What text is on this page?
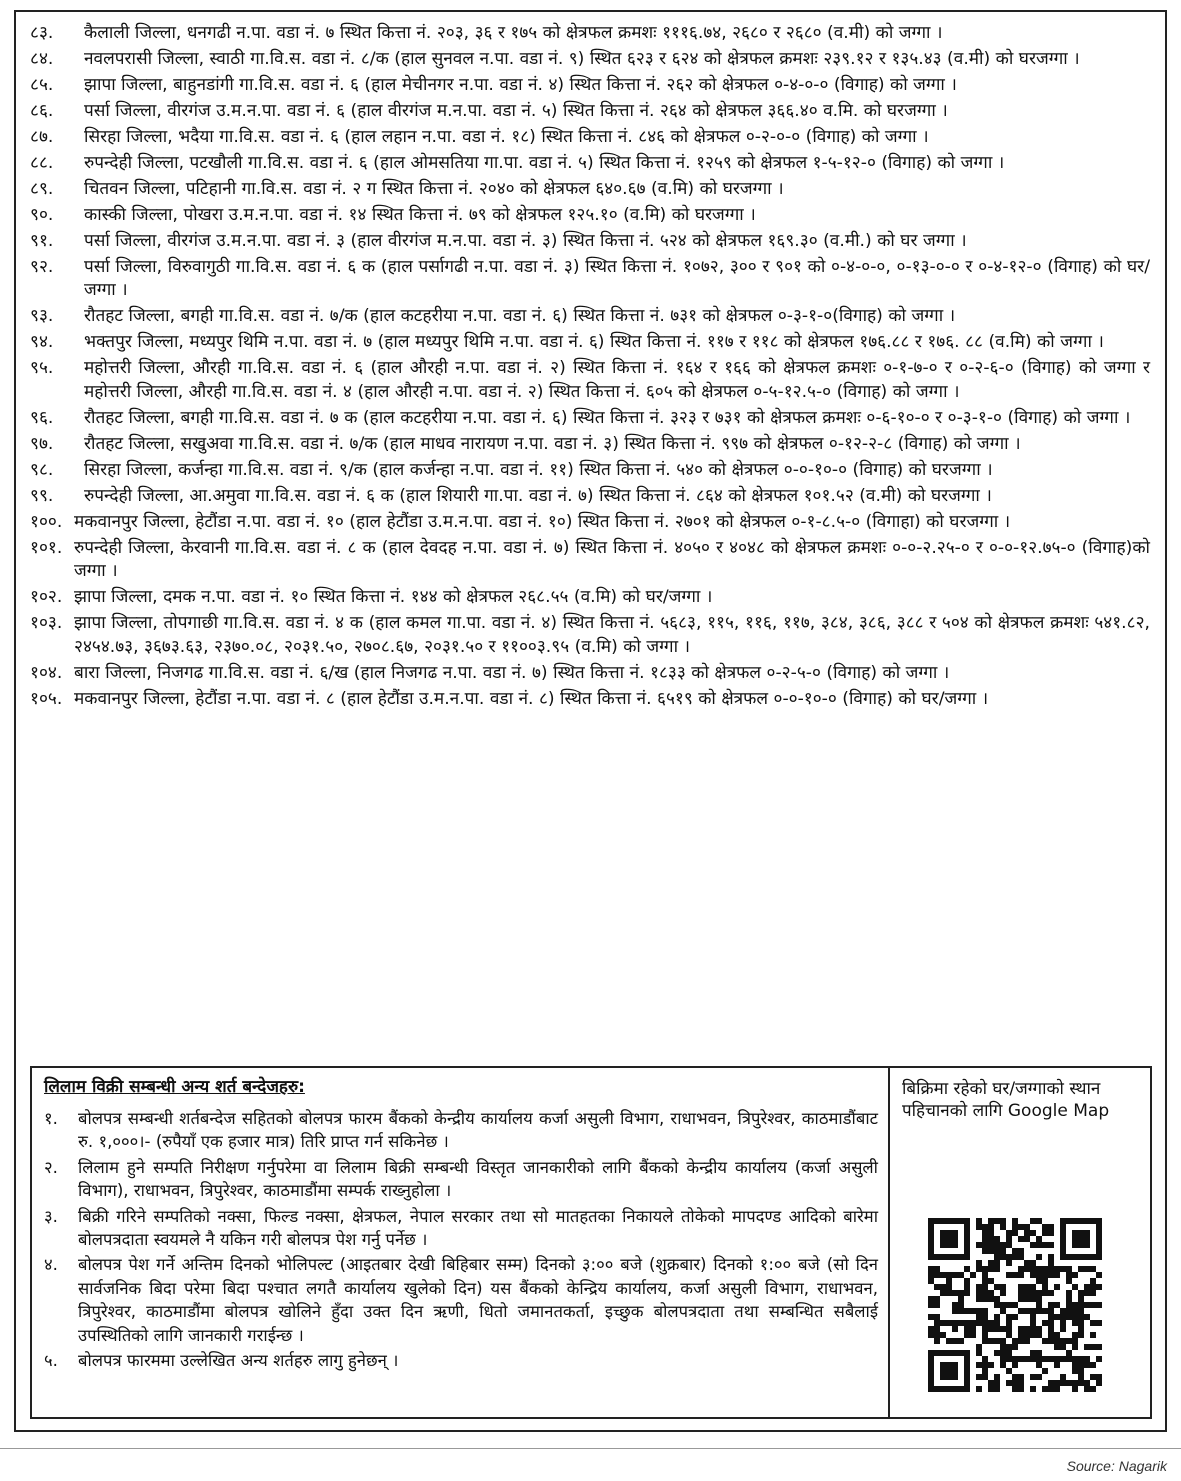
८३.	कैलाली जिल्ला, धनगढी न.पा. वडा नं. ७ स्थित कित्ता नं. २०३, ३६ र १७५ को क्षेत्रफल क्रमशः १११६.७४, २६८० र २६८० (व.मी) को जग्गा ।
८४.	नवलपरासी जिल्ला, स्वाठी गा.वि.स. वडा नं. ८/क (हाल सुनवल न.पा. वडा नं. ९) स्थित ६२३ र ६२४ को क्षेत्रफल क्रमशः २३९.१२ र १३५.४३ (व.मी) को घरजग्गा ।
८५.	झापा जिल्ला, बाहुनडांगी गा.वि.स. वडा नं. ६ (हाल मेचीनगर न.पा. वडा नं. ४) स्थित कित्ता नं. २६२ को क्षेत्रफल ०-४-०-० (विगाह) को जग्गा ।
८६.	पर्सा जिल्ला, वीरगंज उ.म.न.पा. वडा नं. ६ (हाल वीरगंज म.न.पा. वडा नं. ५) स्थित कित्ता नं. २६४ को क्षेत्रफल ३६६.४० व.मि. को घरजग्गा ।
८७.	सिरहा जिल्ला, भदैया गा.वि.स. वडा नं. ६ (हाल लहान न.पा. वडा नं. १८) स्थित कित्ता नं. ८४६ को क्षेत्रफल ०-२-०-० (विगाह) को जग्गा ।
८८.	रुपन्देही जिल्ला, पटखौली गा.वि.स. वडा नं. ६ (हाल ओमसतिया गा.पा. वडा नं. ५) स्थित कित्ता नं. १२५९ को क्षेत्रफल १-५-१२-० (विगाह) को जग्गा ।
८९.	चितवन जिल्ला, पटिहानी गा.वि.स. वडा नं. २ ग स्थित कित्ता नं. २०४० को क्षेत्रफल ६४०.६७ (व.मि) को घरजग्गा ।
९०.	कास्की जिल्ला, पोखरा उ.म.न.पा. वडा नं. १४ स्थित कित्ता नं. ७९ को क्षेत्रफल १२५.१० (व.मि) को घरजग्गा ।
९१.	पर्सा जिल्ला, वीरगंज उ.म.न.पा. वडा नं. ३ (हाल वीरगंज म.न.पा. वडा नं. ३) स्थित कित्ता नं. ५२४ को क्षेत्रफल १६९.३० (व.मी.) को घर जग्गा ।
९२.	पर्सा जिल्ला, विरुवागुठी गा.वि.स. वडा नं. ६ क (हाल पर्सागढी न.पा. वडा नं. ३) स्थित कित्ता नं. १०७२, ३०० र ९०१ को ०-४-०-०, ०-१३-०-० र ०-४-१२-० (विगाह) को घर/जग्गा ।
९३.	रौतहट जिल्ला, बगही गा.वि.स. वडा नं. ७/क (हाल कटहरीया न.पा. वडा नं. ६) स्थित कित्ता नं. ७३१ को क्षेत्रफल ०-३-१-०(विगाह) को जग्गा ।
९४.	भक्तपुर जिल्ला, मध्यपुर थिमि न.पा. वडा नं. ७ (हाल मध्यपुर थिमि न.पा. वडा नं. ६) स्थित कित्ता नं. ११७ र ११८ को क्षेत्रफल १७६.८८ र १७६. ८८ (व.मि) को जग्गा ।
९५.	महोत्तरी जिल्ला, औरही गा.वि.स. वडा नं. ६ (हाल औरही न.पा. वडा नं. २) स्थित कित्ता नं. १६४ र १६६ को क्षेत्रफल क्रमशः ०-१-७-० र ०-२-६-० (विगाह) को जग्गा र महोत्तरी जिल्ला, औरही गा.वि.स. वडा नं. ४ (हाल औरही न.पा. वडा नं. २) स्थित कित्ता नं. ६०५ को क्षेत्रफल ०-५-१२.५-० (विगाह) को जग्गा ।
९६.	रौतहट जिल्ला, बगही गा.वि.स. वडा नं. ७ क (हाल कटहरीया न.पा. वडा नं. ६) स्थित कित्ता नं. ३२३ र ७३१ को क्षेत्रफल क्रमशः ०-६-१०-० र ०-३-१-० (विगाह) को जग्गा ।
९७.	रौतहट जिल्ला, सखुअवा गा.वि.स. वडा नं. ७/क (हाल माधव नारायण न.पा. वडा नं. ३) स्थित कित्ता नं. ९९७ को क्षेत्रफल ०-१२-२-८ (विगाह) को जग्गा ।
९८.	सिरहा जिल्ला, कर्जन्हा गा.वि.स. वडा नं. ९/क (हाल कर्जन्हा न.पा. वडा नं. ११) स्थित कित्ता नं. ५४० को क्षेत्रफल ०-०-१०-० (विगाह) को घरजग्गा ।
९९.	रुपन्देही जिल्ला, आ.अमुवा गा.वि.स. वडा नं. ६ क (हाल शियारी गा.पा. वडा नं. ७) स्थित कित्ता नं. ८६४ को क्षेत्रफल १०१.५२ (व.मी) को घरजग्गा ।
१००. मकवानपुर जिल्ला, हेटौंडा न.पा. वडा नं. १० (हाल हेटौंडा उ.म.न.पा. वडा नं. १०) स्थित कित्ता नं. २७०१ को क्षेत्रफल ०-१-८.५-० (विगाहा) को घरजग्गा ।
१०१. रुपन्देही जिल्ला, केरवानी गा.वि.स. वडा नं. ८ क (हाल देवदह न.पा. वडा नं. ७) स्थित कित्ता नं. ४०५० र ४०४८ को क्षेत्रफल क्रमशः ०-०-२.२५-० र ०-०-१२.७५-० (विगाह)को जग्गा ।
१०२. झापा जिल्ला, दमक न.पा. वडा नं. १० स्थित कित्ता नं. १४४ को क्षेत्रफल २६८.५५ (व.मि) को घर/जग्गा ।
१०३. झापा जिल्ला, तोपगाछी गा.वि.स. वडा नं. ४ क (हाल कमल गा.पा. वडा नं. ४) स्थित कित्ता नं. ५६८३, ११५, ११६, ११७, ३८४, ३८६, ३८८ र ५०४ को क्षेत्रफल क्रमशः ५४१.८२, २४५४.७३, ३६७३.६३, २३७०.०८, २०३१.५०, २७०८.६७, २०३१.५० र ११००३.९५ (व.मि) को जग्गा ।
१०४. बारा जिल्ला, निजगढ गा.वि.स. वडा नं. ६/ख (हाल निजगढ न.पा. वडा नं. ७) स्थित कित्ता नं. १८३३ को क्षेत्रफल ०-२-५-० (विगाह) को जग्गा ।
१०५. मकवानपुर जिल्ला, हेटौंडा न.पा. वडा नं. ८ (हाल हेटौंडा उ.म.न.पा. वडा नं. ८) स्थित कित्ता नं. ६५१९ को क्षेत्रफल ०-०-१०-० (विगाह) को घर/जग्गा ।
लिलाम विक्री सम्बन्धी अन्य शर्त बन्देजहरु:
१.	बोलपत्र सम्बन्धी शर्तबन्देज सहितको बोलपत्र फारम बैंकको केन्द्रीय कार्यालय कर्जा असुली विभाग, राधाभवन, त्रिपुरेश्वर, काठमाडौंबाट रु. १,०००।- (रुपैयाँ एक हजार मात्र) तिरि प्राप्त गर्न सकिनेछ ।
२.	लिलाम हुने सम्पति निरीक्षण गर्नुपरेमा वा लिलाम बिक्री सम्बन्धी विस्तृत जानकारीको लागि बैंकको केन्द्रीय कार्यालय (कर्जा असुली विभाग), राधाभवन, त्रिपुरेश्वर, काठमाडौंमा सम्पर्क राख्नुहोला ।
३.	बिक्री गरिने सम्पतिको नक्सा, फिल्ड नक्सा, क्षेत्रफल, नेपाल सरकार तथा सो मातहतका निकायले तोकेको मापदण्ड आदिको बारेमा बोलपत्रदाता स्वयमले नै यकिन गरी बोलपत्र पेश गर्नु पर्नेछ ।
४.	बोलपत्र पेश गर्ने अन्तिम दिनको भोलिपल्ट (आइतबार देखी बिहिबार सम्म) दिनको ३:०० बजे (शुक्रबार) दिनको १:०० बजे (सो दिन सार्वजनिक बिदा परेमा बिदा पश्चात लगतै कार्यालय खुलेको दिन) यस बैंकको केन्द्रिय कार्यालय, कर्जा असुली विभाग, राधाभवन, त्रिपुरेश्वर, काठमाडौंमा बोलपत्र खोलिने हुँदा उक्त दिन ऋणी, धितो जमानतकर्ता, इच्छुक बोलपत्रदाता तथा सम्बन्धित सबैलाई उपस्थितिको लागि जानकारी गराईन्छ ।
५.	बोलपत्र फारममा उल्लेखित अन्य शर्तहरु लागु हुनेछन् ।
बिक्रिमा रहेको घर/जग्गाको स्थान पहिचानको लागि Google Map
Source: Nagarik
